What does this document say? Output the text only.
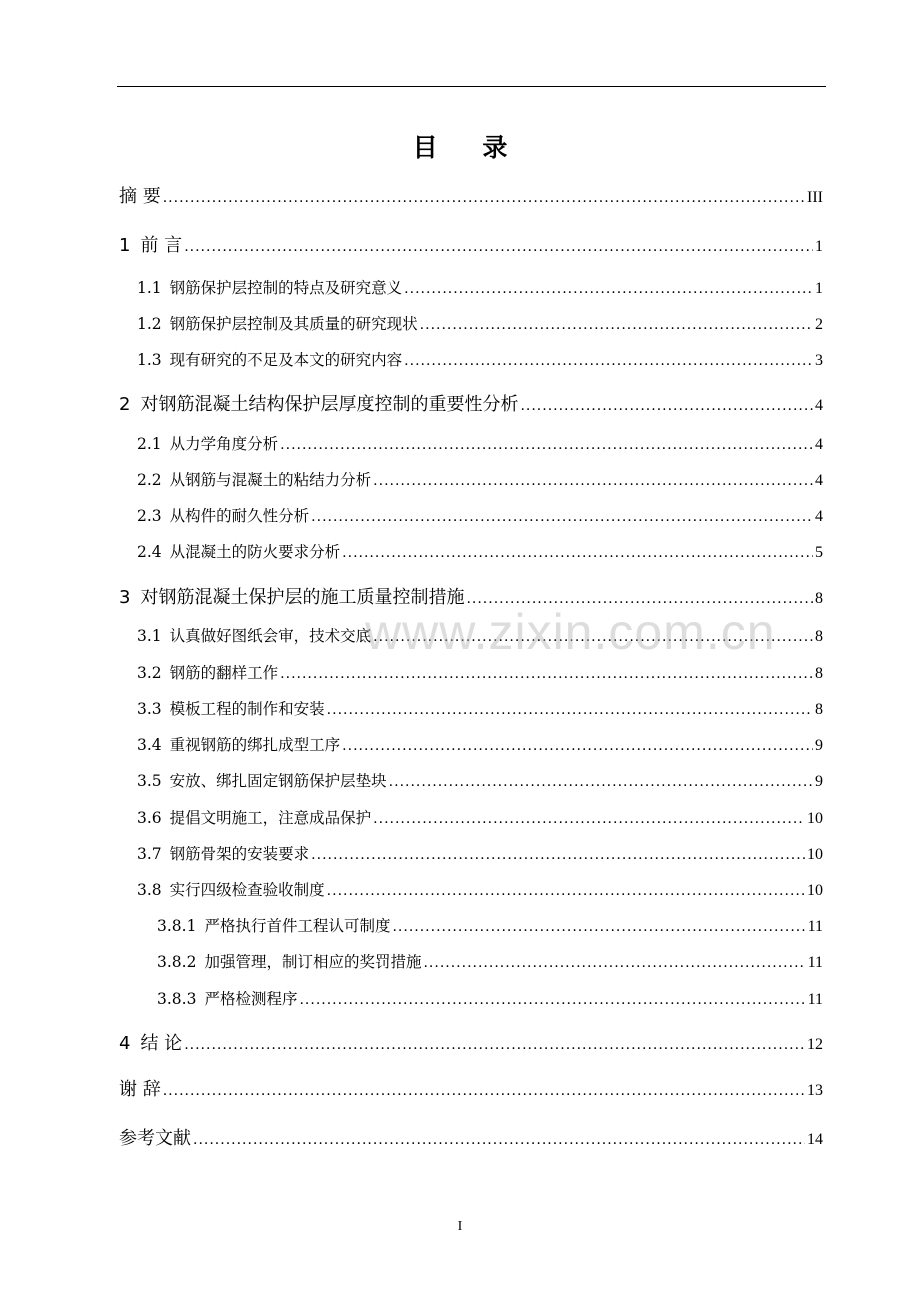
目 录
摘 要 .....	III
1 前 言 .....	1
1.1 钢筋保护层控制的特点及研究意义 .....	1
1.2 钢筋保护层控制及其质量的研究现状 .....	2
1.3 现有研究的不足及本文的研究内容 .....	3
2 对钢筋混凝土结构保护层厚度控制的重要性分析 .....	4
2.1 从力学角度分析 .....	4
2.2 从钢筋与混凝土的粘结力分析 .....	4
2.3 从构件的耐久性分析 .....	4
2.4 从混凝土的防火要求分析 .....	5
3 对钢筋混凝土保护层的施工质量控制措施 .....	8
3.1 认真做好图纸会审，技术交底 .....	8
3.2 钢筋的翻样工作 .....	8
3.3 模板工程的制作和安装 .....	8
3.4 重视钢筋的绑扎成型工序 .....	9
3.5 安放、绑扎固定钢筋保护层垫块 .....	9
3.6 提倡文明施工，注意成品保护 .....	10
3.7 钢筋骨架的安装要求 .....	10
3.8 实行四级检查验收制度 .....	10
3.8.1 严格执行首件工程认可制度 .....	11
3.8.2 加强管理，制订相应的奖罚措施 .....	11
3.8.3 严格检测程序 .....	11
4 结 论 .....	12
谢 辞 .....	13
参考文献 .....	14
www.zixin.com.cn
I
